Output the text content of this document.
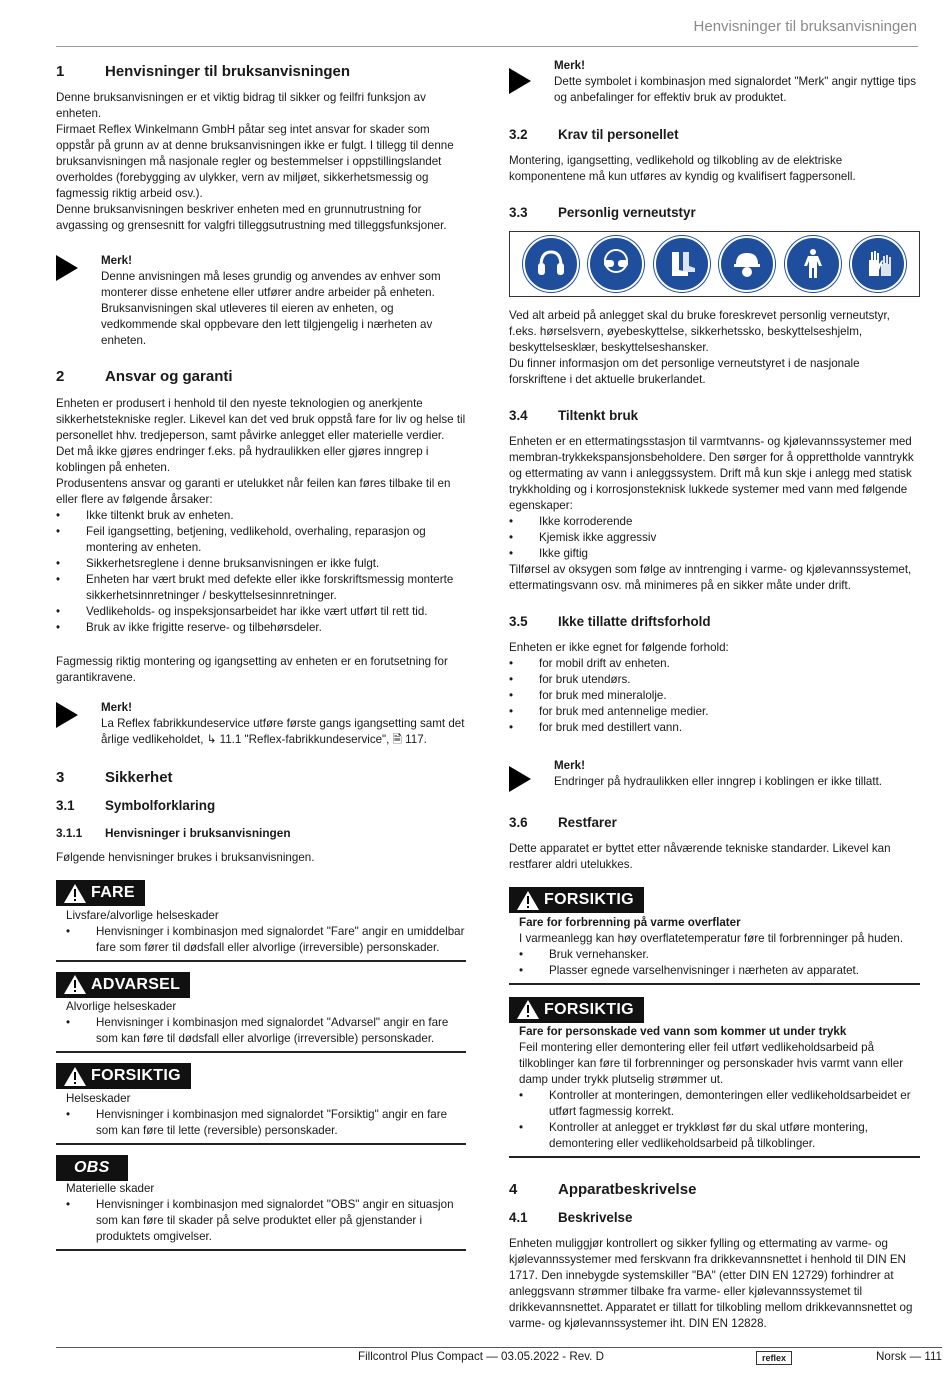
Henvisninger til bruksanvisningen
1	Henvisninger til bruksanvisningen

Denne bruksanvisningen er et viktig bidrag til sikker og feilfri funksjon av enheten.

Firmaet Reflex Winkelmann GmbH påtar seg intet ansvar for skader som oppstår på grunn av at denne bruksanvisningen ikke er fulgt. I tillegg til denne bruksanvisningen må nasjonale regler og bestemmelser i oppstillingslandet overholdes (forebygging av ulykker, vern av miljøet, sikkerhetsmessig og fagmessig riktig arbeid osv.).

Denne bruksanvisningen beskriver enheten med en grunnutrustning for avgassing og grensesnitt for valgfri tilleggsutrustning med tilleggsfunksjoner.

Merk!
Denne anvisningen må leses grundig og anvendes av enhver som monterer disse enhetene eller utfører andre arbeider på enheten. Bruksanvisningen skal utleveres til eieren av enheten, og vedkommende skal oppbevare den lett tilgjengelig i nærheten av enheten.
2	Ansvar og garanti

Enheten er produsert i henhold til den nyeste teknologien og anerkjente sikkerhetstekniske regler. Likevel kan det ved bruk oppstå fare for liv og helse til personellet hhv. tredjeperson, samt påvirke anlegget eller materielle verdier.

Det må ikke gjøres endringer f.eks. på hydraulikken eller gjøres inngrep i koblingen på enheten.

Produsentens ansvar og garanti er utelukket når feilen kan føres tilbake til en eller flere av følgende årsaker:

• Ikke tiltenkt bruk av enheten.
• Feil igangsetting, betjening, vedlikehold, overhaling, reparasjon og montering av enheten.
• Sikkerhetsreglene i denne bruksanvisningen er ikke fulgt.
• Enheten har vært brukt med defekte eller ikke forskriftsmessig monterte sikkerhetsinnretninger / beskyttelsesinnretninger.
• Vedlikeholds- og inspeksjonsarbeidet har ikke vært utført til rett tid.
• Bruk av ikke frigitte reserve- og tilbehørsdeler.

Fagmessig riktig montering og igangsetting av enheten er en forutsetning for garantikravene.

Merk!
La Reflex fabrikkundeservice utføre første gangs igangsetting samt det årlige vedlikeholdet, ↳ 11.1 "Reflex-fabrikkundeservice", 🗎 117.
3	Sikkerhet
3.1	Symbolforklaring
3.1.1	Henvisninger i bruksanvisningen

Følgende henvisninger brukes i bruksanvisningen.

FARE
Livsfare/alvorlige helseskader
• Henvisninger i kombinasjon med signalordet "Fare" angir en umiddelbar fare som fører til dødsfall eller alvorlige (irreversible) personskader.
ADVARSEL
Alvorlige helseskader
• Henvisninger i kombinasjon med signalordet "Advarsel" angir en fare som kan føre til dødsfall eller alvorlige (irreversible) personskader.
FORSIKTIG
Helseskader
• Henvisninger i kombinasjon med signalordet "Forsiktig" angir en fare som kan føre til lette (reversible) personskader.
OBS
Materielle skader
• Henvisninger i kombinasjon med signalordet "OBS" angir en situasjon som kan føre til skader på selve produktet eller på gjenstander i produktets omgivelser.
Merk!
Dette symbolet i kombinasjon med signalordet "Merk" angir nyttige tips og anbefalinger for effektiv bruk av produktet.
3.2	Krav til personellet

Montering, igangsetting, vedlikehold og tilkobling av de elektriske komponentene må kun utføres av kyndig og kvalifisert fagpersonell.

3.3	Personlig verneutstyr

Ved alt arbeid på anlegget skal du bruke foreskrevet personlig verneutstyr, f.eks. hørselsvern, øyebeskyttelse, sikkerhetssko, beskyttelseshjelm, beskyttelsesklær, beskyttelseshansker.

Du finner informasjon om det personlige verneutstyret i de nasjonale forskriftene i det aktuelle brukerlandet.

3.4	Tiltenkt bruk

Enheten er en ettermatingsstasjon til varmtvanns- og kjølevannssystemer med membran-trykkekspansjonsbeholdere. Den sørger for å opprettholde vanntrykk og ettermating av vann i anleggssystem. Drift må kun skje i anlegg med statisk trykkholding og i korrosjonsteknisk lukkede systemer med vann med følgende egenskaper:

• Ikke korroderende
• Kjemisk ikke aggressiv
• Ikke giftig

Tilførsel av oksygen som følge av inntrenging i varme- og kjølevannssystemet, ettermatingsvann osv. må minimeres på en sikker måte under drift.

3.5	Ikke tillatte driftsforhold

Enheten er ikke egnet for følgende forhold:

• for mobil drift av enheten.
• for bruk utendørs.
• for bruk med mineralolje.
• for bruk med antennelige medier.
• for bruk med destillert vann.
Merk!
Endringer på hydraulikken eller inngrep i koblingen er ikke tillatt.
3.6	Restfarer

Dette apparatet er byttet etter nåværende tekniske standarder. Likevel kan restfarer aldri utelukkes.

FORSIKTIG
Fare for forbrenning på varme overflater
I varmeanlegg kan høy overflatetemperatur føre til forbrenninger på huden.
• Bruk vernehansker.
• Plasser egnede varselhenvisninger i nærheten av apparatet.
FORSIKTIG
Fare for personskade ved vann som kommer ut under trykk
Feil montering eller demontering eller feil utført vedlikeholdsarbeid på tilkoblinger kan føre til forbrenninger og personskader hvis varmt vann eller damp under trykk plutselig strømmer ut.
• Kontroller at monteringen, demonteringen eller vedlikeholdsarbeidet er utført fagmessig korrekt.
• Kontroller at anlegget er trykkløst før du skal utføre montering, demontering eller vedlikeholdsarbeid på tilkoblinger.
4	Apparatbeskrivelse
4.1	Beskrivelse

Enheten muliggjør kontrollert og sikker fylling og ettermating av varme- og kjølevannssystemer med ferskvann fra drikkevannsnettet i henhold til DIN EN 1717. Den innebygde systemskiller "BA" (etter DIN EN 12729) forhindrer at anleggsvann strømmer tilbake fra varme- eller kjølevannssystemet til drikkevannsnettet. Apparatet er tillatt for tilkobling mellom drikkevannsnettet og varme- og kjølevannssystemer iht. DIN EN 12828.

Fillcontrol Plus Compact — 03.05.2022 - Rev. D	reflex	Norsk — 111
